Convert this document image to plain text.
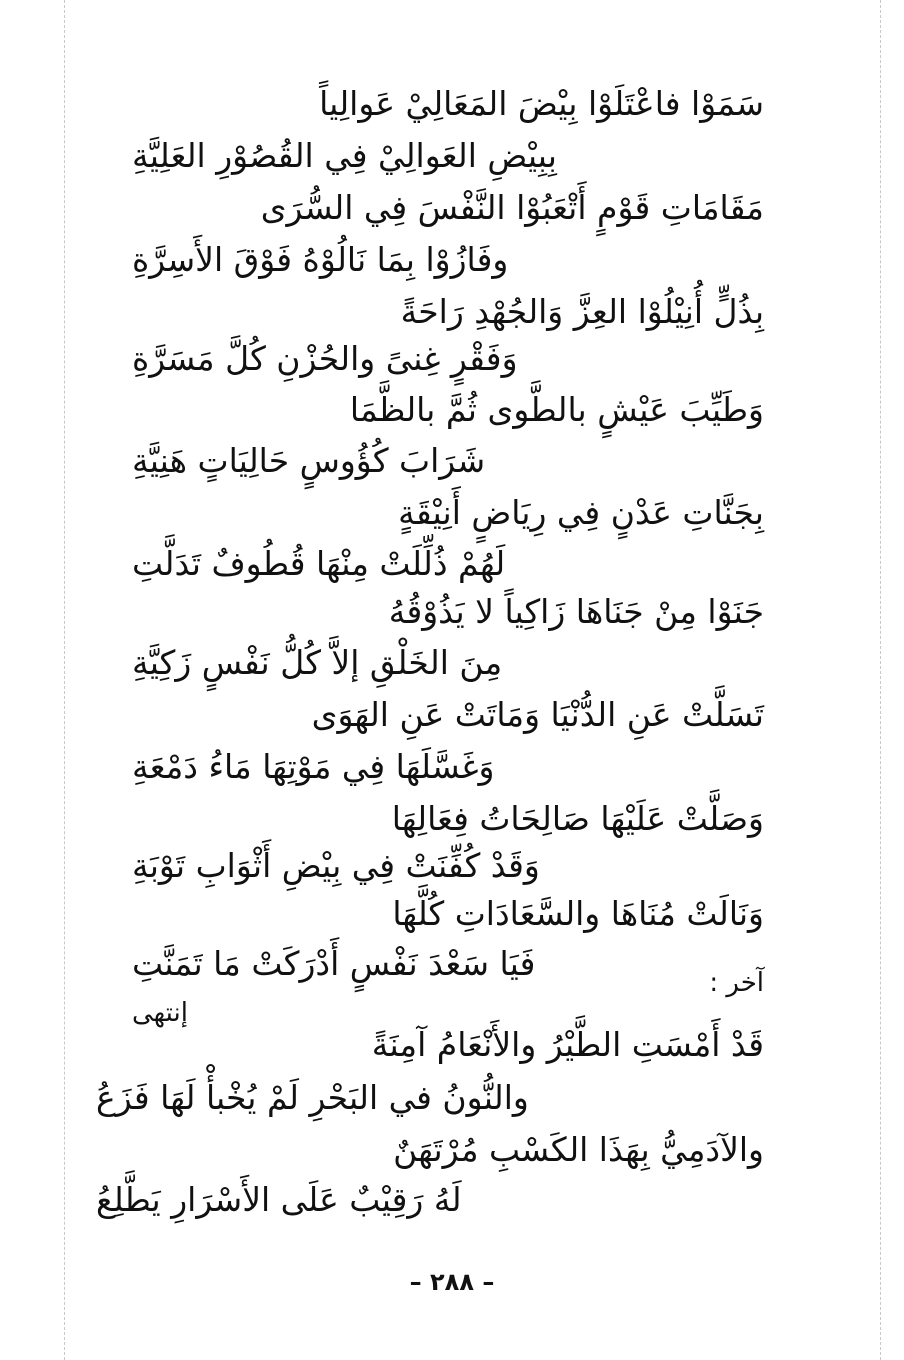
سَمَوْا فاعْتَلَوْا بِيْضَ المَعَالِيْ عَوالِياً
بِبِيْضِ العَوالِيْ فِي القُصُوْرِ العَلِيَّةِ
مَقَامَاتِ قَوْمٍ أَتْعَبُوْا النَّفْسَ فِي السُّرَى
وفَازُوْا بِمَا نَالُوْهُ فَوْقَ الأَسِرَّةِ
بِذُلٍّ أُنِيْلُوْا العِزَّ وَالجُهْدِ رَاحَةً
وَفَقْرٍ غِنىً والحُزْنِ كُلَّ مَسَرَّةِ
وَطَيِّبَ عَيْشٍ بالطَّوى ثُمَّ بالظَّمَا
شَرَابَ كُؤُوسٍ حَالِيَاتٍ هَنِيَّةِ
بِجَنَّاتِ عَدْنٍ فِي رِيَاضٍ أَنِيْقَةٍ
لَهُمْ ذُلِّلَتْ مِنْهَا قُطُوفٌ تَدَلَّتِ
جَنَوْا مِنْ جَنَاهَا زَاكِياً لا يَذُوْقُهُ
مِنَ الخَلْقِ إلاَّ كُلُّ نَفْسٍ زَكِيَّةِ
تَسَلَّتْ عَنِ الدُّنْيَا وَمَاتَتْ عَنِ الهَوَى
وَغَسَّلَهَا فِي مَوْتِهَا مَاءُ دَمْعَةِ
وَصَلَّتْ عَلَيْهَا صَالِحَاتُ فِعَالِهَا
وَقَدْ كُفِّنَتْ فِي بِيْضِ أَثْوَابِ تَوْبَةِ
وَنَالَتْ مُنَاهَا والسَّعَادَاتِ كُلَّهَا
فَيَا سَعْدَ نَفْسٍ أَدْرَكَتْ مَا تَمَنَّتِ
إنتهى
آخر :
قَدْ أَمْسَتِ الطَّيْرُ والأَنْعَامُ آمِنَةً
والنُّونُ في البَحْرِ لَمْ يُخْبأْ لَهَا فَزَعُ
والآدَمِيُّ بِهَذَا الكَسْبِ مُرْتَهَنٌ
لَهُ رَقِيْبٌ عَلَى الأَسْرَارِ يَطَّلِعُ
– ٢٨٨ –
